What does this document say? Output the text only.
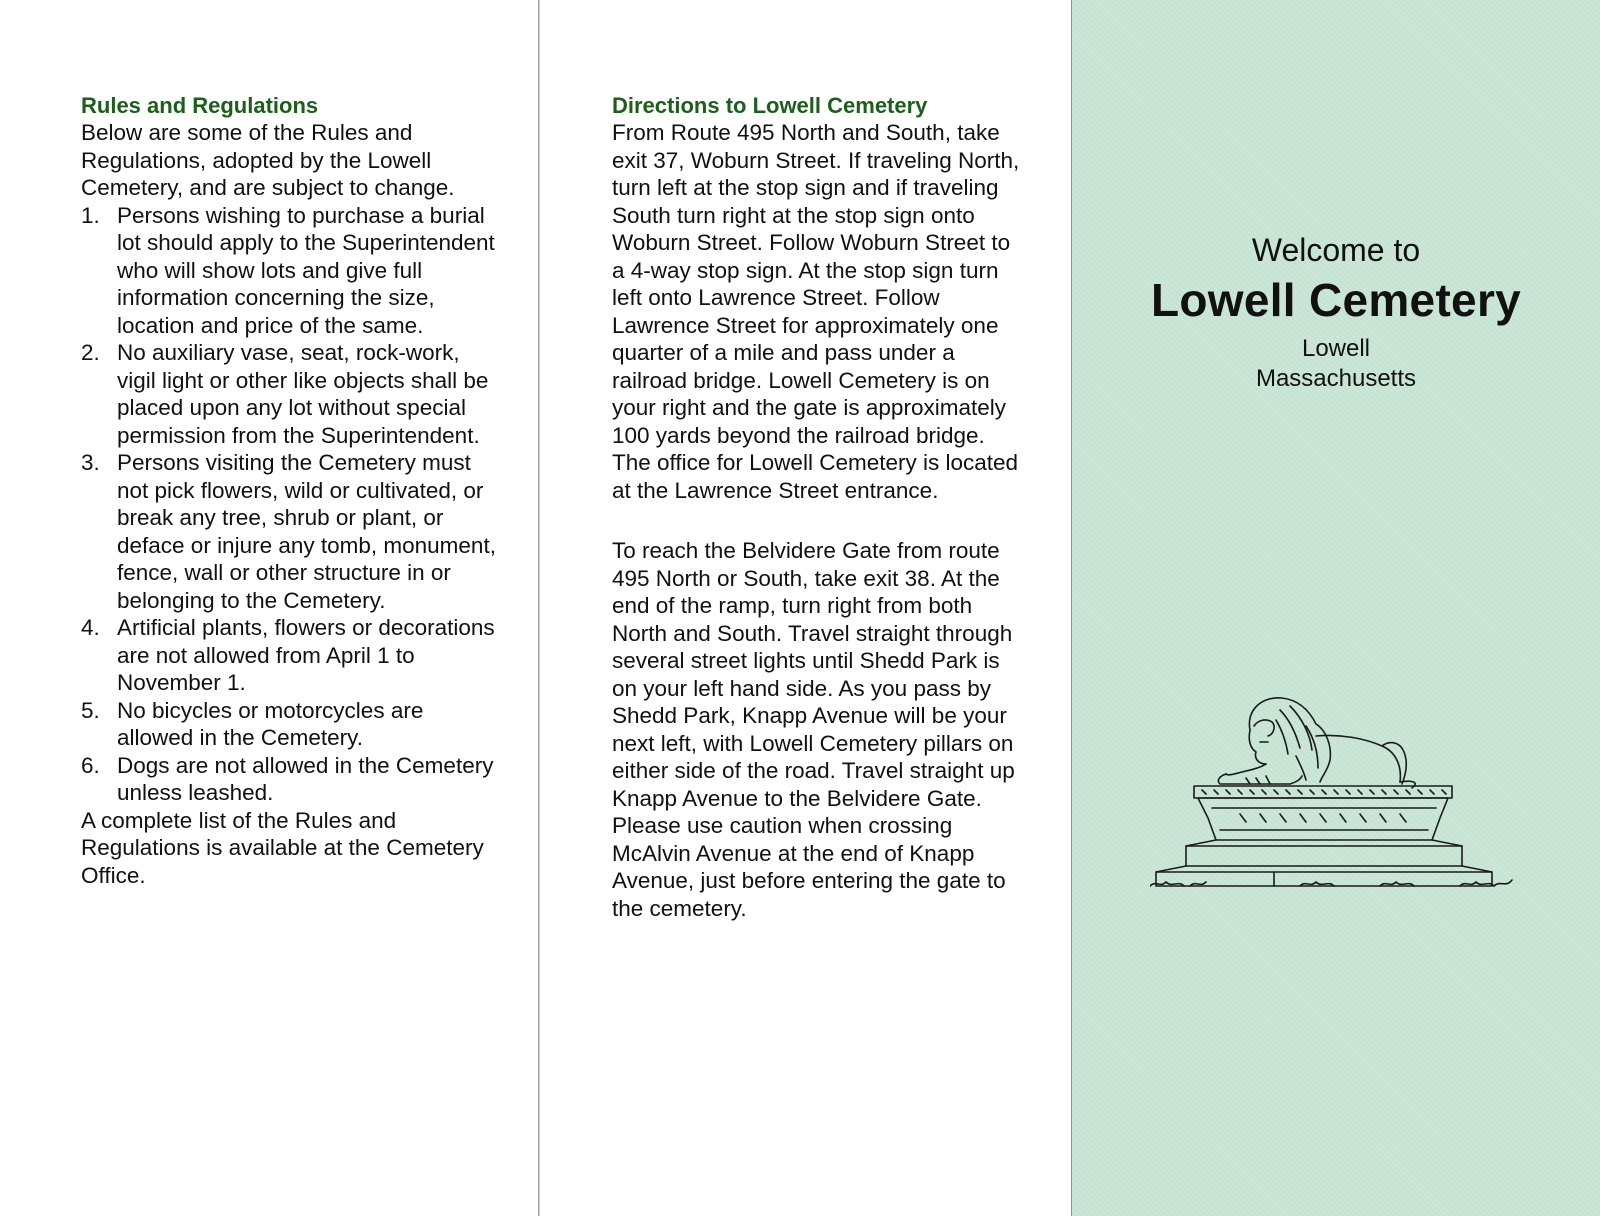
Rules and Regulations

Below are some of the Rules and Regulations, adopted by the Lowell Cemetery, and are subject to change.

1. Persons wishing to purchase a burial lot should apply to the Superintendent who will show lots and give full information concerning the size, location and price of the same.
2. No auxiliary vase, seat, rock-work, vigil light or other like objects shall be placed upon any lot without special permission from the Superintendent.
3. Persons visiting the Cemetery must not pick flowers, wild or cultivated, or break any tree, shrub or plant, or deface or injure any tomb, monument, fence, wall or other structure in or belonging to the Cemetery.
4. Artificial plants, flowers or decorations are not allowed from April 1 to November 1.
5. No bicycles or motorcycles are allowed in the Cemetery.
6. Dogs are not allowed in the Cemetery unless leashed.

A complete list of the Rules and Regulations is available at the Cemetery Office.

Directions to Lowell Cemetery

From Route 495 North and South, take exit 37, Woburn Street. If traveling North, turn left at the stop sign and if traveling South turn right at the stop sign onto Woburn Street. Follow Woburn Street to a 4-way stop sign. At the stop sign turn left onto Lawrence Street. Follow Lawrence Street for approximately one quarter of a mile and pass under a railroad bridge. Lowell Cemetery is on your right and the gate is approximately 100 yards beyond the railroad bridge. The office for Lowell Cemetery is located at the Lawrence Street entrance.

To reach the Belvidere Gate from route 495 North or South, take exit 38. At the end of the ramp, turn right from both North and South. Travel straight through several street lights until Shedd Park is on your left hand side. As you pass by Shedd Park, Knapp Avenue will be your next left, with Lowell Cemetery pillars on either side of the road. Travel straight up Knapp Avenue to the Belvidere Gate. Please use caution when crossing McAlvin Avenue at the end of Knapp Avenue, just before entering the gate to the cemetery.

Welcome to

Lowell Cemetery

Lowell

Massachusetts
